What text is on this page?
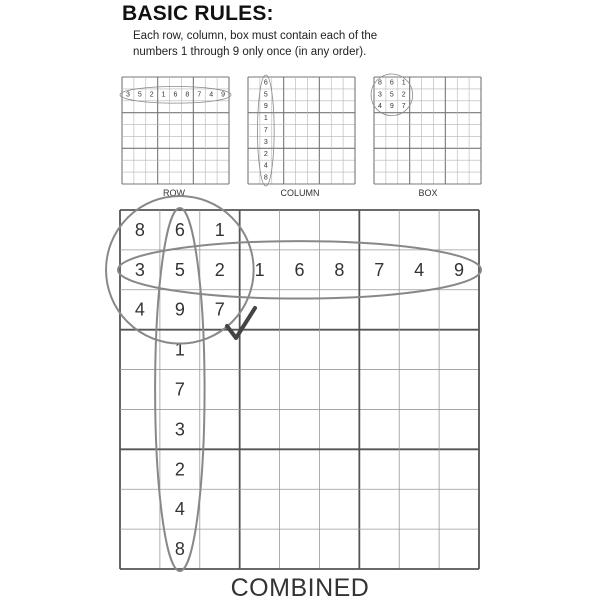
BASIC RULES:
Each row, column, box must contain each of the
numbers 1 through 9 only once (in any order).
3 5 2 1 6 8 7 4 9
6
5
9
1
7
3
2
4
8
8 6 1
3 5 2
4 9 7
ROW	COLUMN	BOX
8 6 1
3 5 2
4 9 7
1 6 8 7 4 9
1
7
3
2
4
8
COMBINED
